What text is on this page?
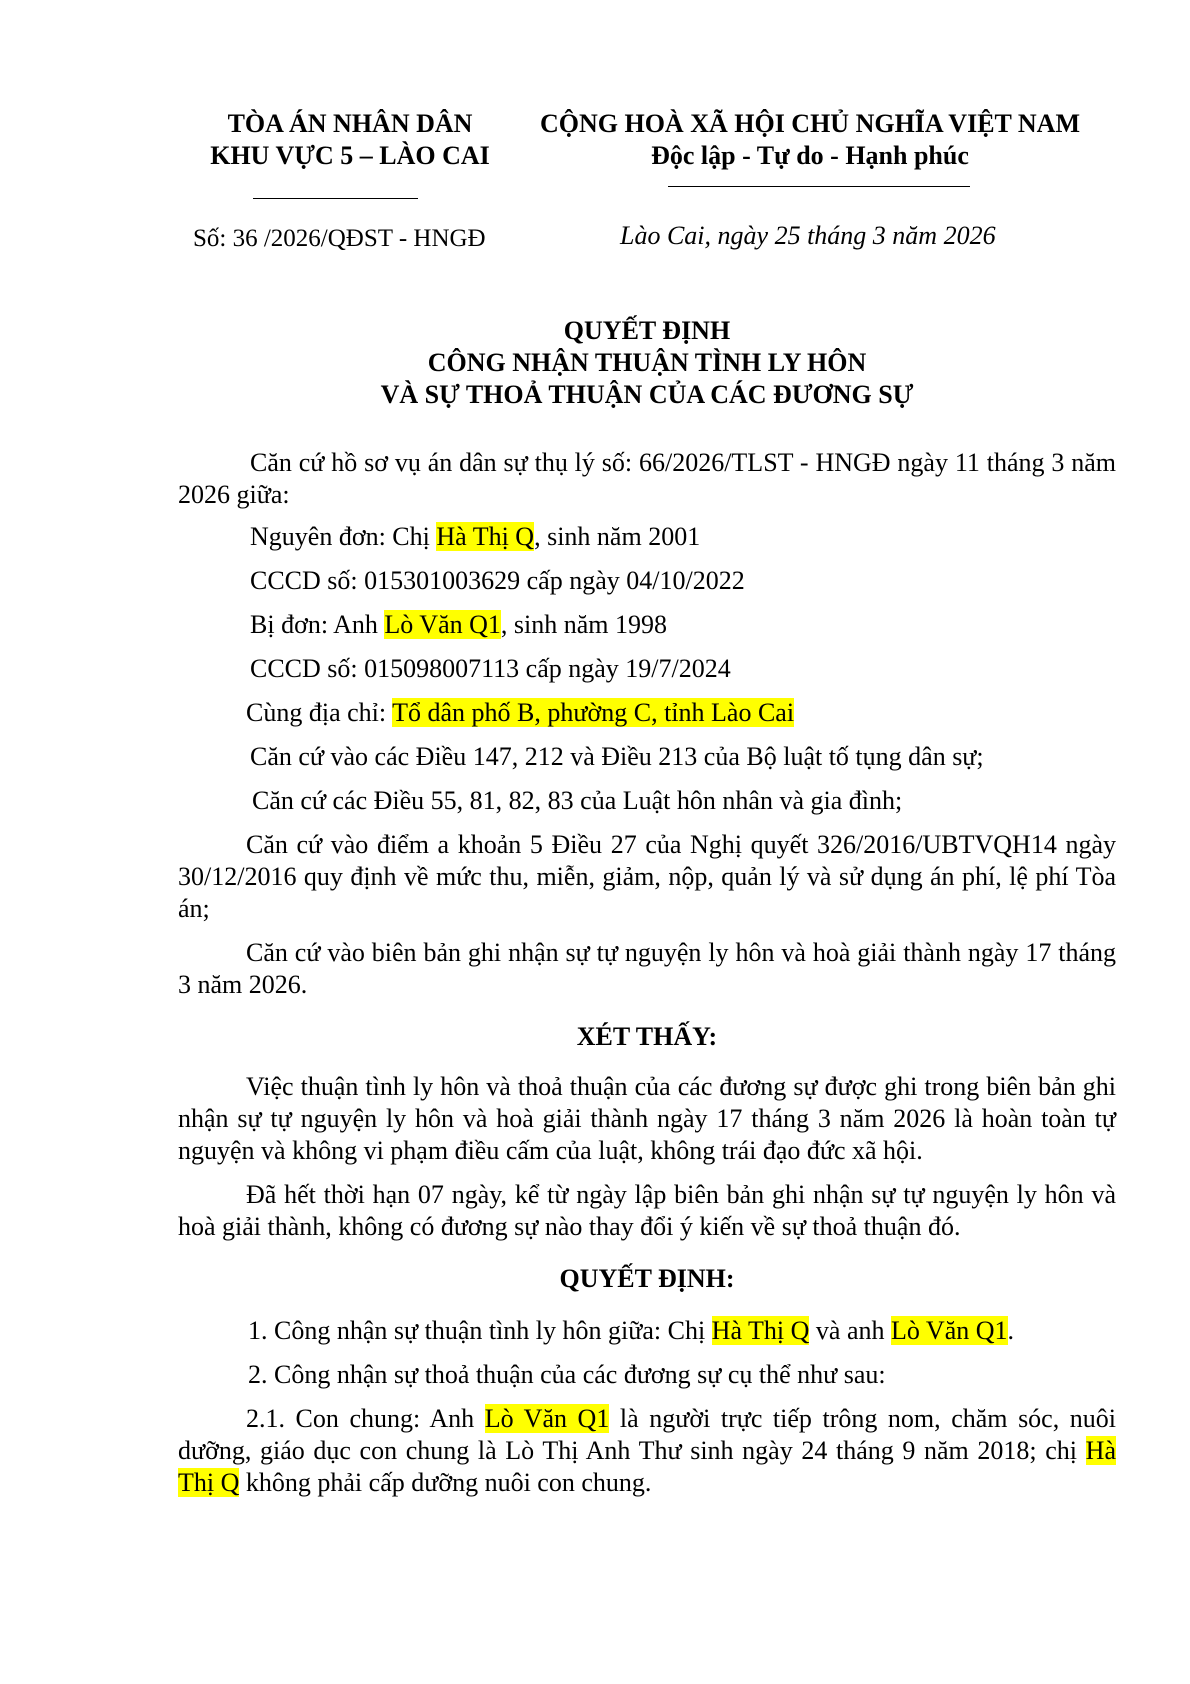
TÒA ÁN NHÂN DÂN
KHU VỰC 5 – LÀO CAI
CỘNG HOÀ XÃ HỘI CHỦ NGHĨA VIỆT NAM
Độc lập - Tự do - Hạnh phúc
Số: 36 /2026/QĐST - HNGĐ	Lào Cai, ngày 25 tháng 3 năm 2026
QUYẾT ĐỊNH
CÔNG NHẬN THUẬN TÌNH LY HÔN
VÀ SỰ THOẢ THUẬN CỦA CÁC ĐƯƠNG SỰ

Căn cứ hồ sơ vụ án dân sự thụ lý số: 66/2026/TLST - HNGĐ ngày 11 tháng 3 năm 2026 giữa:

Nguyên đơn: Chị Hà Thị Q, sinh năm 2001

CCCD số: 015301003629 cấp ngày 04/10/2022

Bị đơn: Anh Lò Văn Q1, sinh năm 1998

CCCD số: 015098007113 cấp ngày 19/7/2024

Cùng địa chỉ: Tổ dân phố B, phường C, tỉnh Lào Cai

Căn cứ vào các Điều 147, 212 và Điều 213 của Bộ luật tố tụng dân sự;

Căn cứ các Điều 55, 81, 82, 83 của Luật hôn nhân và gia đình;

Căn cứ vào điểm a khoản 5 Điều 27 của Nghị quyết 326/2016/UBTVQH14 ngày 30/12/2016 quy định về mức thu, miễn, giảm, nộp, quản lý và sử dụng án phí, lệ phí Tòa án;

Căn cứ vào biên bản ghi nhận sự tự nguyện ly hôn và hoà giải thành ngày 17 tháng 3 năm 2026.

XÉT THẤY:

Việc thuận tình ly hôn và thoả thuận của các đương sự được ghi trong biên bản ghi nhận sự tự nguyện ly hôn và hoà giải thành ngày 17 tháng 3 năm 2026 là hoàn toàn tự nguyện và không vi phạm điều cấm của luật, không trái đạo đức xã hội.

Đã hết thời hạn 07 ngày, kể từ ngày lập biên bản ghi nhận sự tự nguyện ly hôn và hoà giải thành, không có đương sự nào thay đổi ý kiến về sự thoả thuận đó.

QUYẾT ĐỊNH:

1. Công nhận sự thuận tình ly hôn giữa: Chị Hà Thị Q và anh Lò Văn Q1.

2. Công nhận sự thoả thuận của các đương sự cụ thể như sau:

2.1. Con chung: Anh Lò Văn Q1 là người trực tiếp trông nom, chăm sóc, nuôi dưỡng, giáo dục con chung là Lò Thị Anh Thư sinh ngày 24 tháng 9 năm 2018; chị Hà Thị Q không phải cấp dưỡng nuôi con chung.
